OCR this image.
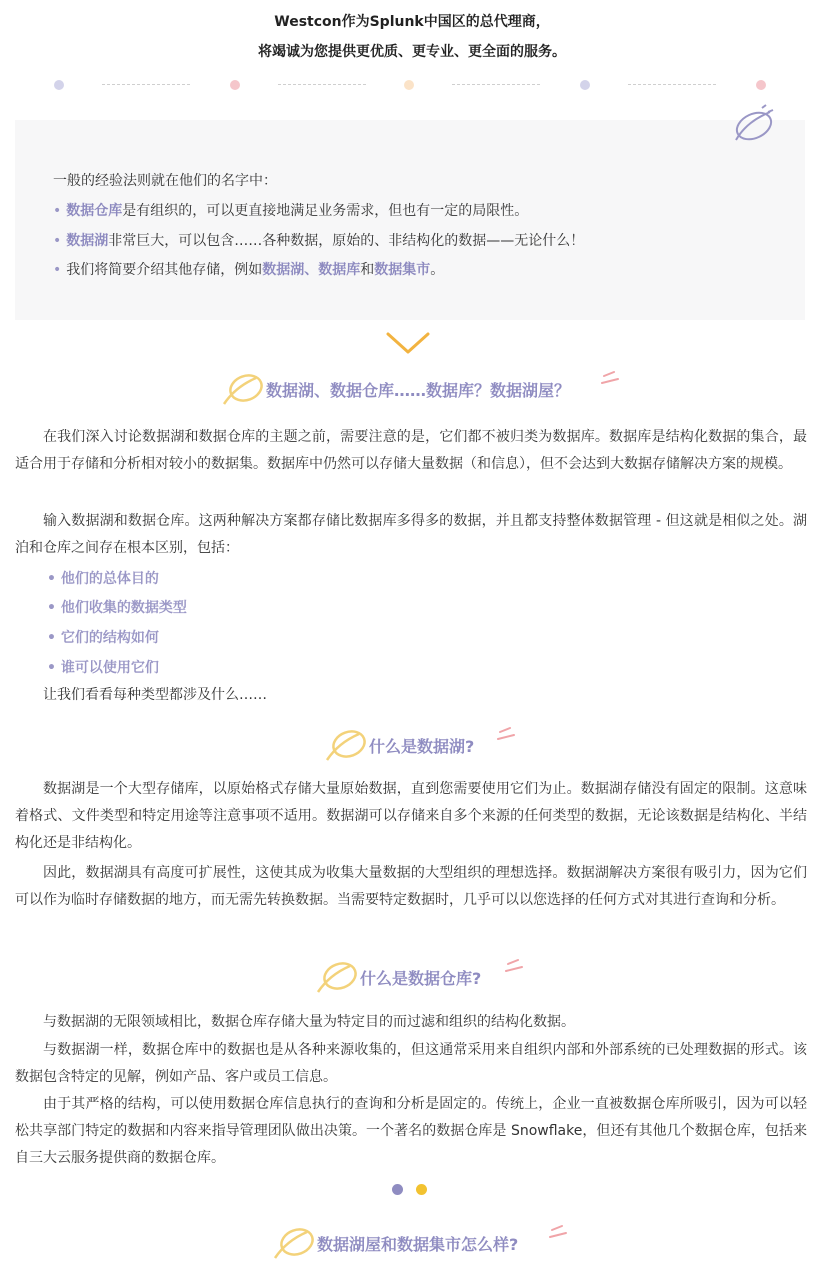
Westcon作为Splunk中国区的总代理商，
将竭诚为您提供更优质、更专业、更全面的服务。
一般的经验法则就在他们的名字中：
• 数据仓库是有组织的，可以更直接地满足业务需求，但也有一定的局限性。
• 数据湖非常巨大，可以包含……各种数据，原始的、非结构化的数据——无论什么！
• 我们将简要介绍其他存储，例如数据湖、数据库和数据集市。
数据湖、数据仓库……数据库？数据湖屋？
在我们深入讨论数据湖和数据仓库的主题之前，需要注意的是，它们都不被归类为数据库。数据库是结构化数据的集合，最适合用于存储和分析相对较小的数据集。数据库中仍然可以存储大量数据（和信息），但不会达到大数据存储解决方案的规模。
输入数据湖和数据仓库。这两种解决方案都存储比数据库多得多的数据，并且都支持整体数据管理 - 但这就是相似之处。湖泊和仓库之间存在根本区别，包括：
• 他们的总体目的
• 他们收集的数据类型
• 它们的结构如何
• 谁可以使用它们
让我们看看每种类型都涉及什么……
什么是数据湖?
数据湖是一个大型存储库，以原始格式存储大量原始数据，直到您需要使用它们为止。数据湖存储没有固定的限制。这意味着格式、文件类型和特定用途等注意事项不适用。数据湖可以存储来自多个来源的任何类型的数据，无论该数据是结构化、半结构化还是非结构化。
因此，数据湖具有高度可扩展性，这使其成为收集大量数据的大型组织的理想选择。数据湖解决方案很有吸引力，因为它们可以作为临时存储数据的地方，而无需先转换数据。当需要特定数据时，几乎可以以您选择的任何方式对其进行查询和分析。
什么是数据仓库?
与数据湖的无限领域相比，数据仓库存储大量为特定目的而过滤和组织的结构化数据。
与数据湖一样，数据仓库中的数据也是从各种来源收集的，但这通常采用来自组织内部和外部系统的已处理数据的形式。该数据包含特定的见解，例如产品、客户或员工信息。
由于其严格的结构，可以使用数据仓库信息执行的查询和分析是固定的。传统上，企业一直被数据仓库所吸引，因为可以轻松共享部门特定的数据和内容来指导管理团队做出决策。一个著名的数据仓库是 Snowflake，但还有其他几个数据仓库，包括来自三大云服务提供商的数据仓库。
数据湖屋和数据集市怎么样?
